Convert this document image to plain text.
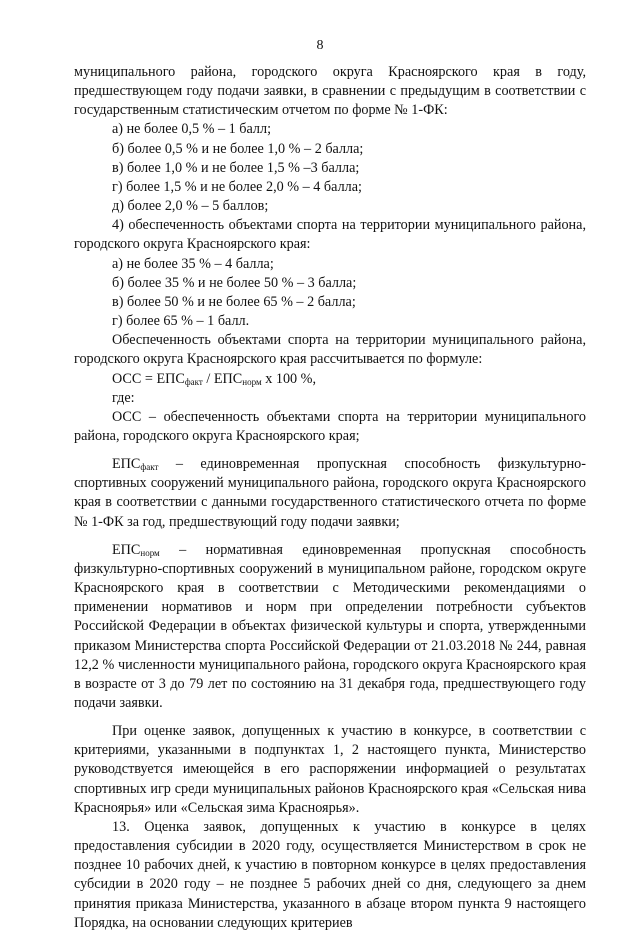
8

муниципального района, городского округа Красноярского края в году, предшествующем году подачи заявки, в сравнении с предыдущим в соответствии с государственным статистическим отчетом по форме № 1-ФК:

а) не более 0,5 % – 1 балл;

б) более 0,5 % и не более 1,0 % – 2 балла;

в) более 1,0 % и не более 1,5 % –3 балла;

г) более 1,5 % и не более 2,0 % – 4 балла;

д) более 2,0 % – 5 баллов;

4) обеспеченность объектами спорта на территории муниципального района, городского округа Красноярского края:

а) не более 35 % – 4 балла;

б) более 35 % и не более 50 % – 3 балла;

в) более 50 % и не более 65 % – 2 балла;

г) более 65 % – 1 балл.

Обеспеченность объектами спорта на территории муниципального района, городского округа Красноярского края рассчитывается по формуле:

ОСС = $ЕПС_{факт} / ЕПС_{норм}$ х 100 %,

где:

ОСС – обеспеченность объектами спорта на территории муниципального района, городского округа Красноярского края;

$ЕПС_{факт}$ – единовременная пропускная способность физкультурно-спортивных сооружений муниципального района, городского округа Красноярского края в соответствии с данными государственного статистического отчета по форме № 1-ФК за год, предшествующий году подачи заявки;

$ЕПС_{норм}$ – нормативная единовременная пропускная способность физкультурно-спортивных сооружений в муниципальном районе, городском округе Красноярского края в соответствии с Методическими рекомендациями о применении нормативов и норм при определении потребности субъектов Российской Федерации в объектах физической культуры и спорта, утвержденными приказом Министерства спорта Российской Федерации от 21.03.2018 № 244, равная 12,2 % численности муниципального района, городского округа Красноярского края в возрасте от 3 до 79 лет по состоянию на 31 декабря года, предшествующего году подачи заявки.

При оценке заявок, допущенных к участию в конкурсе, в соответствии с критериями, указанными в подпунктах 1, 2 настоящего пункта, Министерство руководствуется имеющейся в его распоряжении информацией о результатах спортивных игр среди муниципальных районов Красноярского края «Сельская нива Красноярья» или «Сельская зима Красноярья».

13. Оценка заявок, допущенных к участию в конкурсе в целях предоставления субсидии в 2020 году, осуществляется Министерством в срок не позднее 10 рабочих дней, к участию в повторном конкурсе в целях предоставления субсидии в 2020 году – не позднее 5 рабочих дней со дня, следующего за днем принятия приказа Министерства, указанного в абзаце втором пункта 9 настоящего Порядка, на основании следующих критериев
